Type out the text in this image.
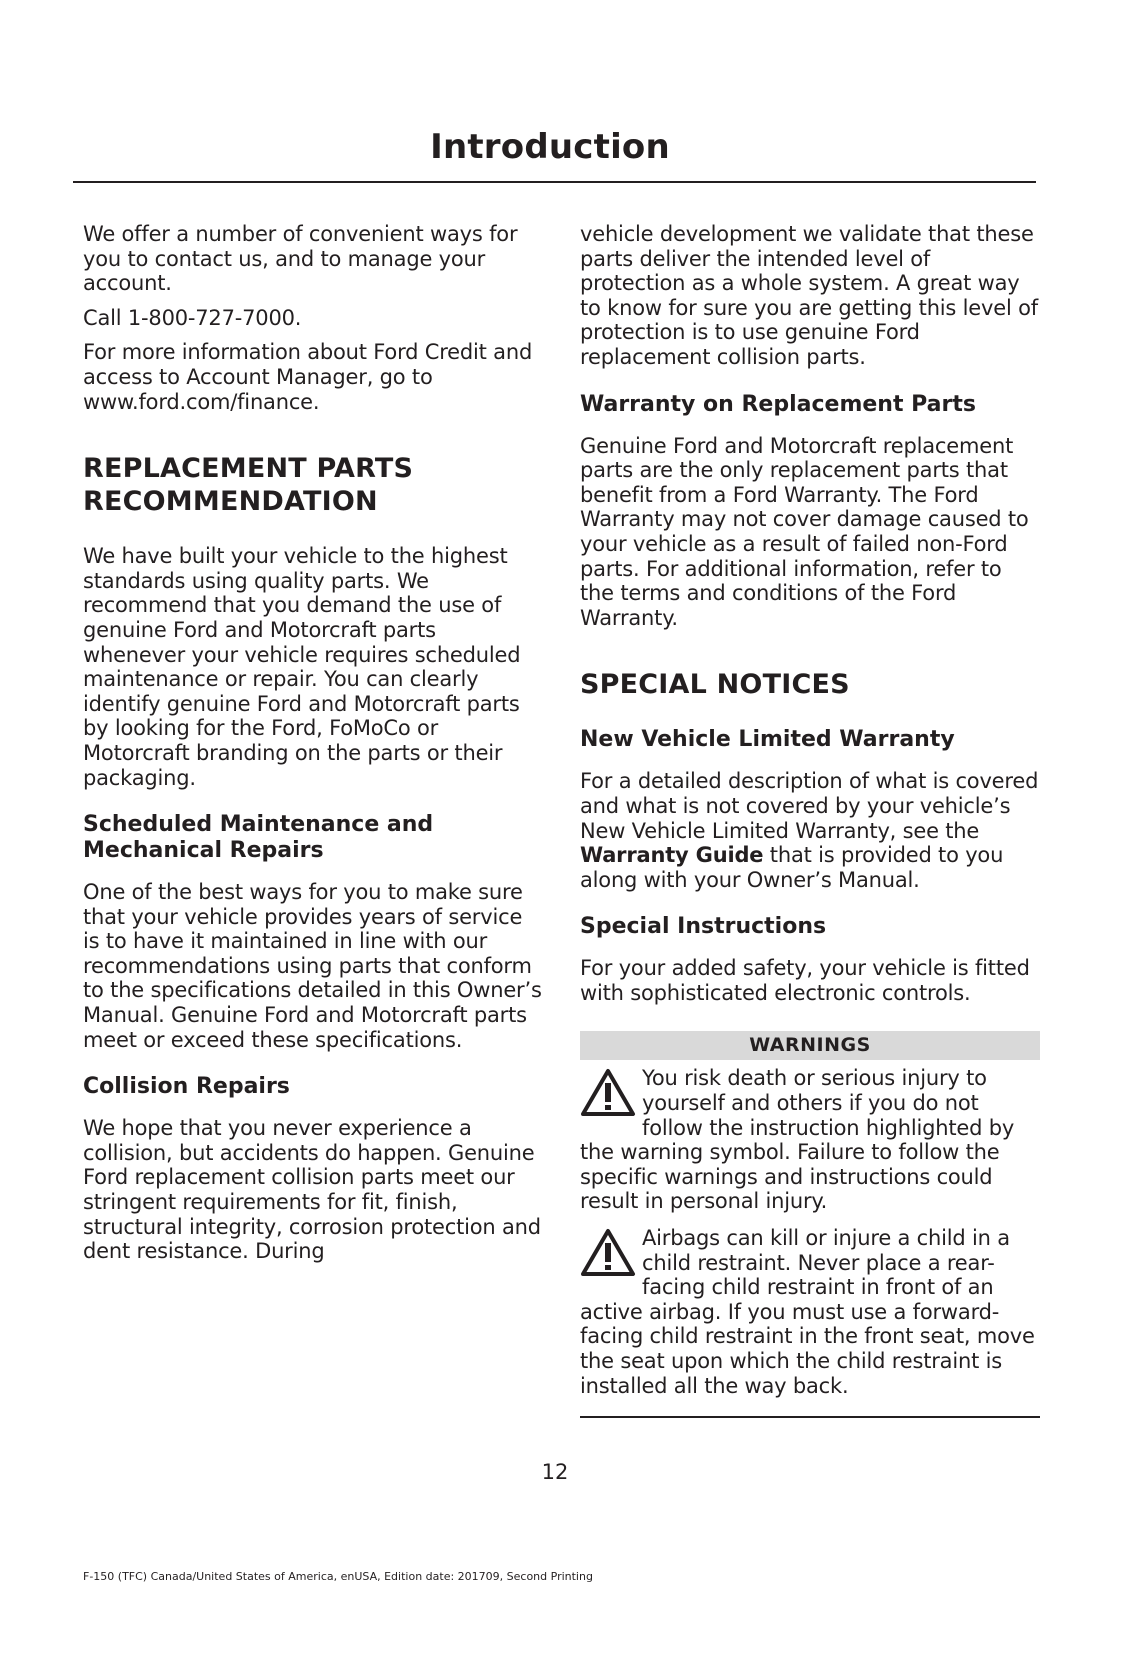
Introduction

We offer a number of convenient ways for you to contact us, and to manage your account.

Call 1-800-727-7000.

For more information about Ford Credit and access to Account Manager, go to www.ford.com/finance.

REPLACEMENT PARTS RECOMMENDATION

We have built your vehicle to the highest standards using quality parts. We recommend that you demand the use of genuine Ford and Motorcraft parts whenever your vehicle requires scheduled maintenance or repair. You can clearly identify genuine Ford and Motorcraft parts by looking for the Ford, FoMoCo or Motorcraft branding on the parts or their packaging.

Scheduled Maintenance and Mechanical Repairs

One of the best ways for you to make sure that your vehicle provides years of service is to have it maintained in line with our recommendations using parts that conform to the specifications detailed in this Owner’s Manual. Genuine Ford and Motorcraft parts meet or exceed these specifications.

Collision Repairs

We hope that you never experience a collision, but accidents do happen. Genuine Ford replacement collision parts meet our stringent requirements for fit, finish, structural integrity, corrosion protection and dent resistance. During

vehicle development we validate that these parts deliver the intended level of protection as a whole system. A great way to know for sure you are getting this level of protection is to use genuine Ford replacement collision parts.

Warranty on Replacement Parts

Genuine Ford and Motorcraft replacement parts are the only replacement parts that benefit from a Ford Warranty. The Ford Warranty may not cover damage caused to your vehicle as a result of failed non-Ford parts. For additional information, refer to the terms and conditions of the Ford Warranty.

SPECIAL NOTICES
New Vehicle Limited Warranty

For a detailed description of what is covered and what is not covered by your vehicle’s New Vehicle Limited Warranty, see the Warranty Guide that is provided to you along with your Owner’s Manual.

Special Instructions

For your added safety, your vehicle is fitted with sophisticated electronic controls.

WARNINGS
You risk death or serious injury to yourself and others if you do not follow the instruction highlighted by the warning symbol. Failure to follow the specific warnings and instructions could result in personal injury.
Airbags can kill or injure a child in a child restraint. Never place a rear-facing child restraint in front of an active airbag. If you must use a forward-facing child restraint in the front seat, move the seat upon which the child restraint is installed all the way back.
12
F-150 (TFC) Canada/United States of America, enUSA, Edition date: 201709, Second Printing
